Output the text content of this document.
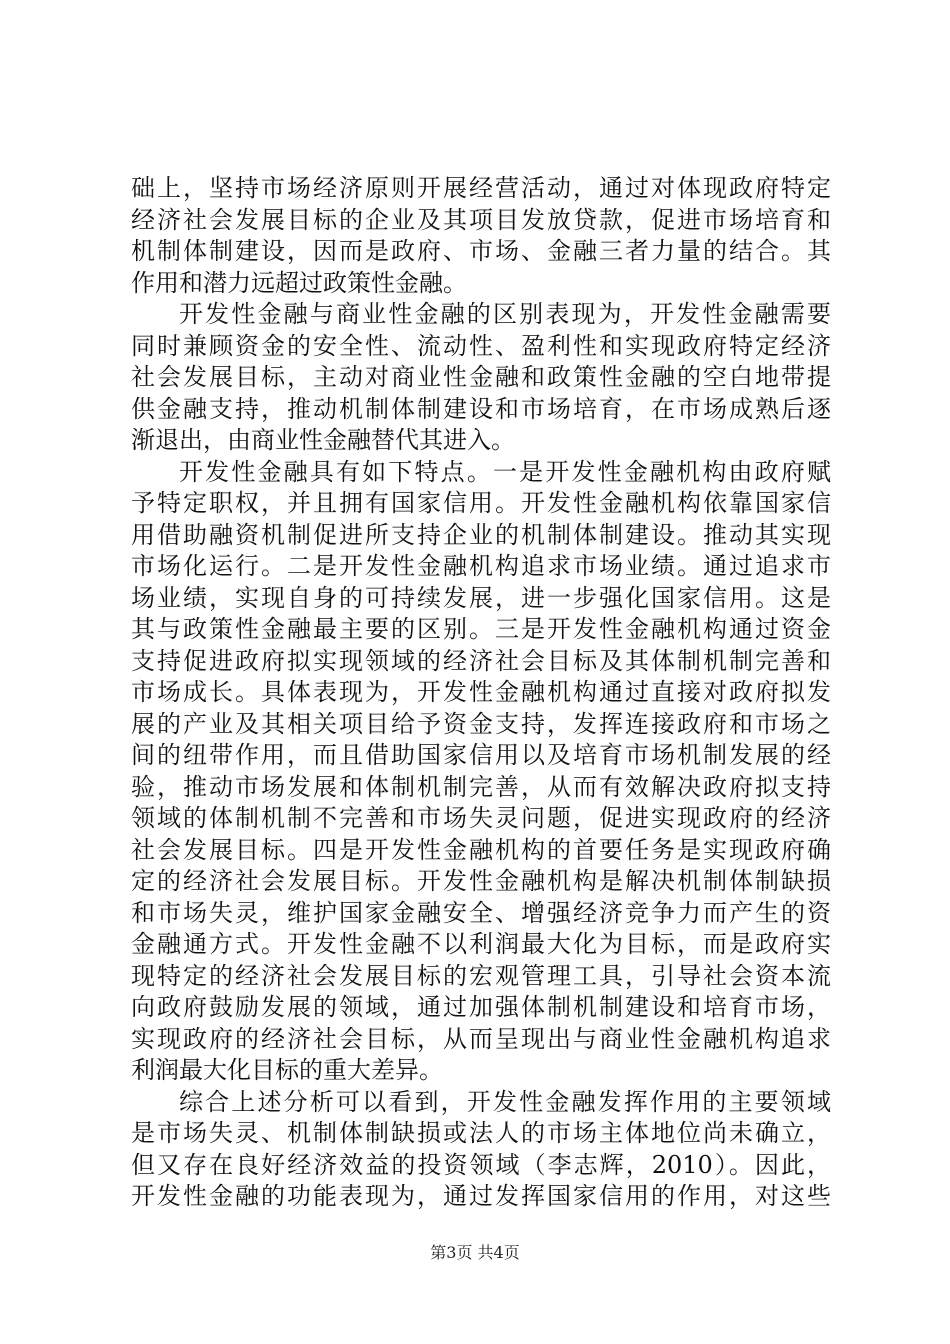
础上，坚持市场经济原则开展经营活动，通过对体现政府特定
经济社会发展目标的企业及其项目发放贷款，促进市场培育和
机制体制建设，因而是政府、市场、金融三者力量的结合。其
作用和潜力远超过政策性金融。
开发性金融与商业性金融的区别表现为，开发性金融需要
同时兼顾资金的安全性、流动性、盈利性和实现政府特定经济
社会发展目标，主动对商业性金融和政策性金融的空白地带提
供金融支持，推动机制体制建设和市场培育，在市场成熟后逐
渐退出，由商业性金融替代其进入。
开发性金融具有如下特点。一是开发性金融机构由政府赋
予特定职权，并且拥有国家信用。开发性金融机构依靠国家信
用借助融资机制促进所支持企业的机制体制建设。推动其实现
市场化运行。二是开发性金融机构追求市场业绩。通过追求市
场业绩，实现自身的可持续发展，进一步强化国家信用。这是
其与政策性金融最主要的区别。三是开发性金融机构通过资金
支持促进政府拟实现领域的经济社会目标及其体制机制完善和
市场成长。具体表现为，开发性金融机构通过直接对政府拟发
展的产业及其相关项目给予资金支持，发挥连接政府和市场之
间的纽带作用，而且借助国家信用以及培育市场机制发展的经
验，推动市场发展和体制机制完善，从而有效解决政府拟支持
领域的体制机制不完善和市场失灵问题，促进实现政府的经济
社会发展目标。四是开发性金融机构的首要任务是实现政府确
定的经济社会发展目标。开发性金融机构是解决机制体制缺损
和市场失灵，维护国家金融安全、增强经济竞争力而产生的资
金融通方式。开发性金融不以利润最大化为目标，而是政府实
现特定的经济社会发展目标的宏观管理工具，引导社会资本流
向政府鼓励发展的领域，通过加强体制机制建设和培育市场，
实现政府的经济社会目标，从而呈现出与商业性金融机构追求
利润最大化目标的重大差异。
综合上述分析可以看到，开发性金融发挥作用的主要领域
是市场失灵、机制体制缺损或法人的市场主体地位尚未确立，
但又存在良好经济效益的投资领域（李志辉，2010）。因此，
开发性金融的功能表现为，通过发挥国家信用的作用，对这些
第3页 共4页
